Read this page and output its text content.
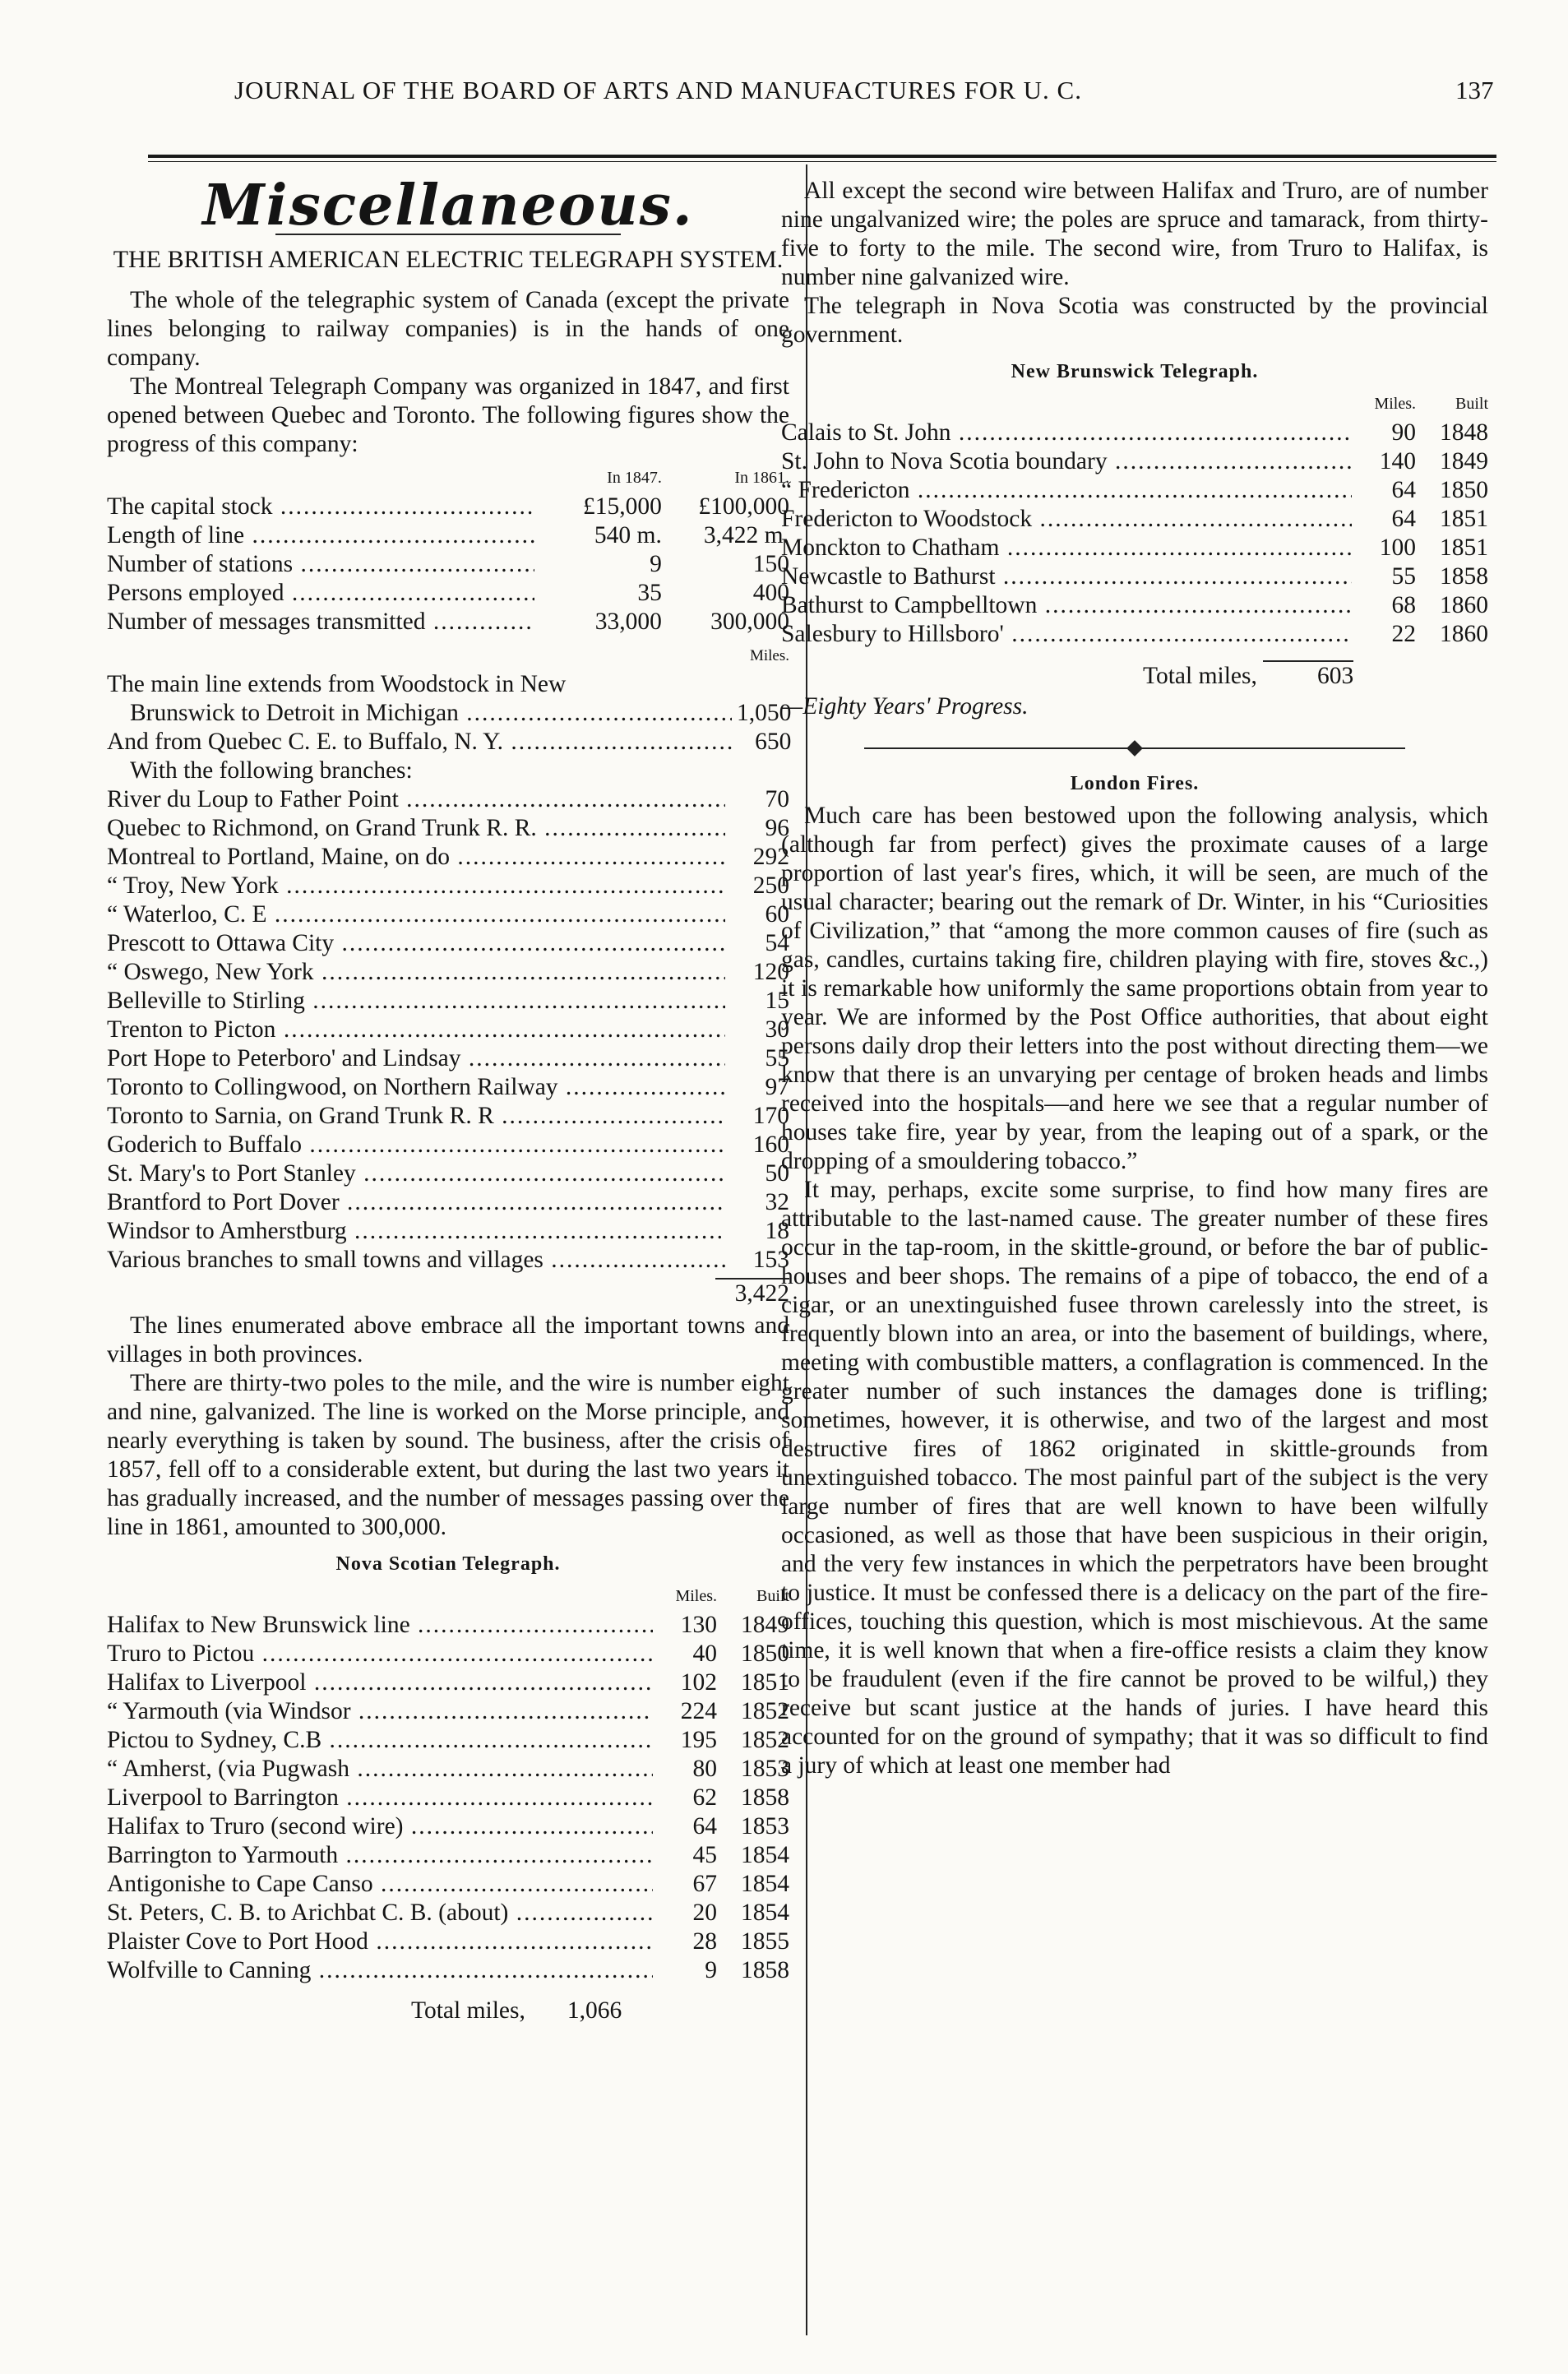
JOURNAL OF THE BOARD OF ARTS AND MANUFACTURES FOR U. C.	137
Miscellaneous.
THE BRITISH AMERICAN ELECTRIC TELEGRAPH SYSTEM.

The whole of the telegraphic system of Canada (except the private lines belonging to railway companies) is in the hands of one company.

The Montreal Telegraph Company was organized in 1847, and first opened between Quebec and Toronto. The following figures show the progress of this company:

	In 1847.	In 1861.
The capital stock .....	£15,000	£100,000
Length of line .....	540 m.	3,422 m.
Number of stations .....	9	150
Persons employed .....	35	400
Number of messages transmitted .....	33,000	300,000
Miles.

The main line extends from Woodstock in New

Brunswick to Detroit in Michigan .....	1,050
And from Quebec C. E. to Buffalo, N. Y. .....	650

With the following branches:

River du Loup to Father Point .....	70
Quebec to Richmond, on Grand Trunk R. R. .....	96
Montreal to Portland, Maine, on do .....	292
“ Troy, New York .....	250
“ Waterloo, C. E .....	60
Prescott to Ottawa City .....	54
“ Oswego, New York .....	120
Belleville to Stirling .....	15
Trenton to Picton .....	30
Port Hope to Peterboro' and Lindsay .....	55
Toronto to Collingwood, on Northern Railway .....	97
Toronto to Sarnia, on Grand Trunk R. R .....	170
Goderich to Buffalo .....	160
St. Mary's to Port Stanley .....	50
Brantford to Port Dover .....	32
Windsor to Amherstburg .....	18
Various branches to small towns and villages .....	153
3,422

The lines enumerated above embrace all the important towns and villages in both provinces.

There are thirty-two poles to the mile, and the wire is number eight and nine, galvanized. The line is worked on the Morse principle, and nearly everything is taken by sound. The business, after the crisis of 1857, fell off to a considerable extent, but during the last two years it has gradually increased, and the number of messages passing over the line in 1861, amounted to 300,000.

Nova Scotian Telegraph.
	Miles.	Built
Halifax to New Brunswick line .....	130	1849
Truro to Pictou .....	40	1850
Halifax to Liverpool .....	102	1851
“ Yarmouth (via Windsor .....	224	1852
Pictou to Sydney, C.B .....	195	1852
“ Amherst, (via Pugwash .....	80	1853
Liverpool to Barrington .....	62	1858
Halifax to Truro (second wire) .....	64	1853
Barrington to Yarmouth .....	45	1854
Antigonishe to Cape Canso .....	67	1854
St. Peters, C. B. to Arichbat C. B. (about) .....	20	1854
Plaister Cove to Port Hood .....	28	1855
Wolfville to Canning .....	9	1858
Total miles, 1,066

All except the second wire between Halifax and Truro, are of number nine ungalvanized wire; the poles are spruce and tamarack, from thirty-five to forty to the mile. The second wire, from Truro to Halifax, is number nine galvanized wire.

The telegraph in Nova Scotia was constructed by the provincial government.

New Brunswick Telegraph.
	Miles.	Built
Calais to St. John .....	90	1848
St. John to Nova Scotia boundary .....	140	1849
“ Fredericton .....	64	1850
Fredericton to Woodstock .....	64	1851
Monckton to Chatham .....	100	1851
Newcastle to Bathurst .....	55	1858
Bathurst to Campbelltown .....	68	1860
Salesbury to Hillsboro' .....	22	1860
Total miles, 603

—Eighty Years' Progress.

London Fires.

Much care has been bestowed upon the following analysis, which (although far from perfect) gives the proximate causes of a large proportion of last year's fires, which, it will be seen, are much of the usual character; bearing out the remark of Dr. Winter, in his “Curiosities of Civilization,” that “among the more common causes of fire (such as gas, candles, curtains taking fire, children playing with fire, stoves &c.,) it is remarkable how uniformly the same proportions obtain from year to year. We are informed by the Post Office authorities, that about eight persons daily drop their letters into the post without directing them—we know that there is an unvarying per centage of broken heads and limbs received into the hospitals—and here we see that a regular number of houses take fire, year by year, from the leaping out of a spark, or the dropping of a smouldering tobacco.”

It may, perhaps, excite some surprise, to find how many fires are attributable to the last-named cause. The greater number of these fires occur in the tap-room, in the skittle-ground, or before the bar of public-houses and beer shops. The remains of a pipe of tobacco, the end of a cigar, or an unextinguished fusee thrown carelessly into the street, is frequently blown into an area, or into the basement of buildings, where, meeting with combustible matters, a conflagration is commenced. In the greater number of such instances the damages done is trifling; sometimes, however, it is otherwise, and two of the largest and most destructive fires of 1862 originated in skittle-grounds from unextinguished tobacco. The most painful part of the subject is the very large number of fires that are well known to have been wilfully occasioned, as well as those that have been suspicious in their origin, and the very few instances in which the perpetrators have been brought to justice. It must be confessed there is a delicacy on the part of the fire-offices, touching this question, which is most mischievous. At the same time, it is well known that when a fire-office resists a claim they know to be fraudulent (even if the fire cannot be proved to be wilful,) they receive but scant justice at the hands of juries. I have heard this accounted for on the ground of sympathy; that it was so difficult to find a jury of which at least one member had
